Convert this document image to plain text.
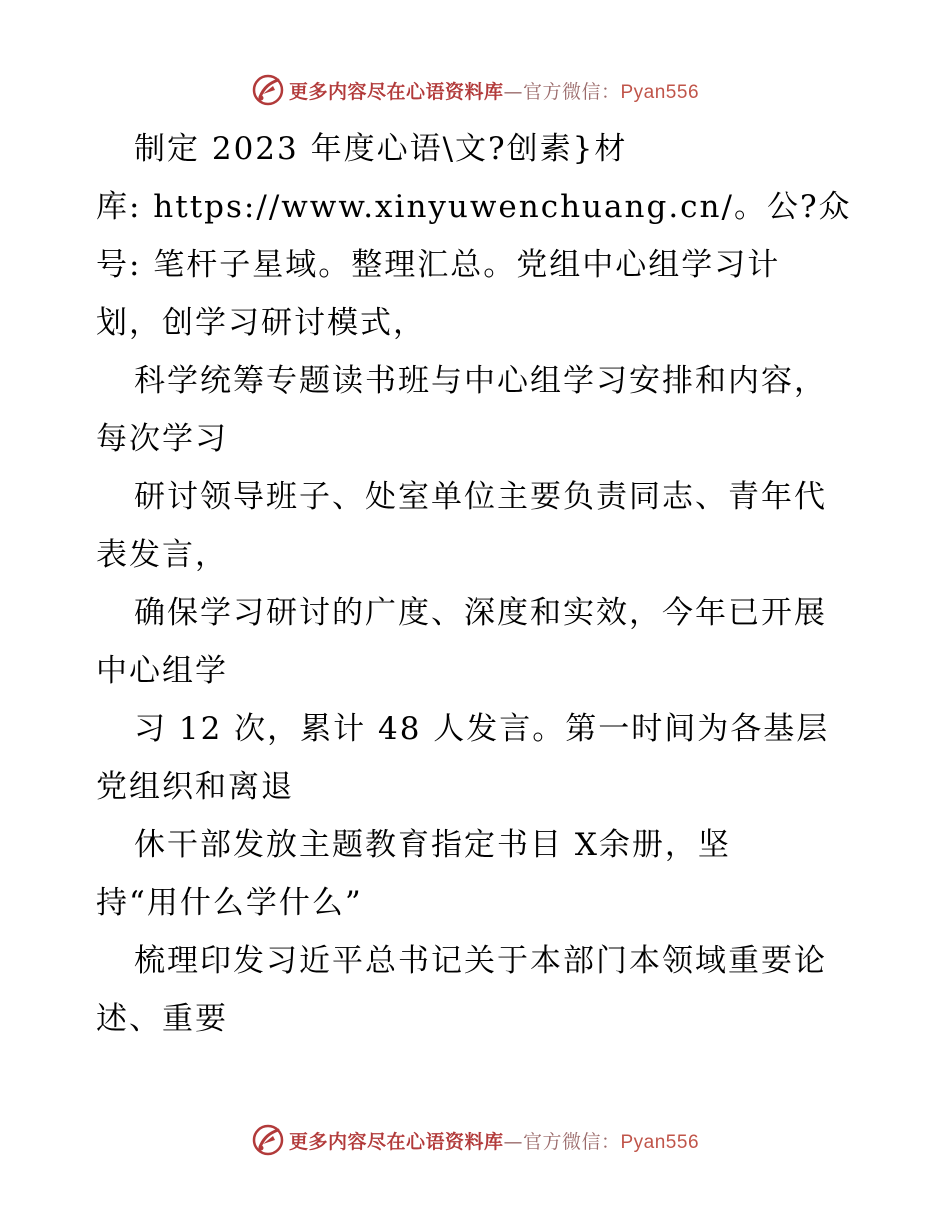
更多内容尽在心语资料库—官方微信：Pyan556
制定 2023 年度心语\文?创素}材
库: https://www.xinyuwenchuang.cn/。公?众
号: 笔杆子星域。整理汇总。党组中心组学习计
划，创学习研讨模式，
科学统筹专题读书班与中心组学习安排和内容，
每次学习
研讨领导班子、处室单位主要负责同志、青年代
表发言，
确保学习研讨的广度、深度和实效，今年已开展
中心组学
习 12 次，累计 48 人发言。第一时间为各基层
党组织和离退
休干部发放主题教育指定书目 X余册，坚
持“用什么学什么”
梳理印发习近平总书记关于本部门本领域重要论
述、重要
更多内容尽在心语资料库—官方微信：Pyan556
